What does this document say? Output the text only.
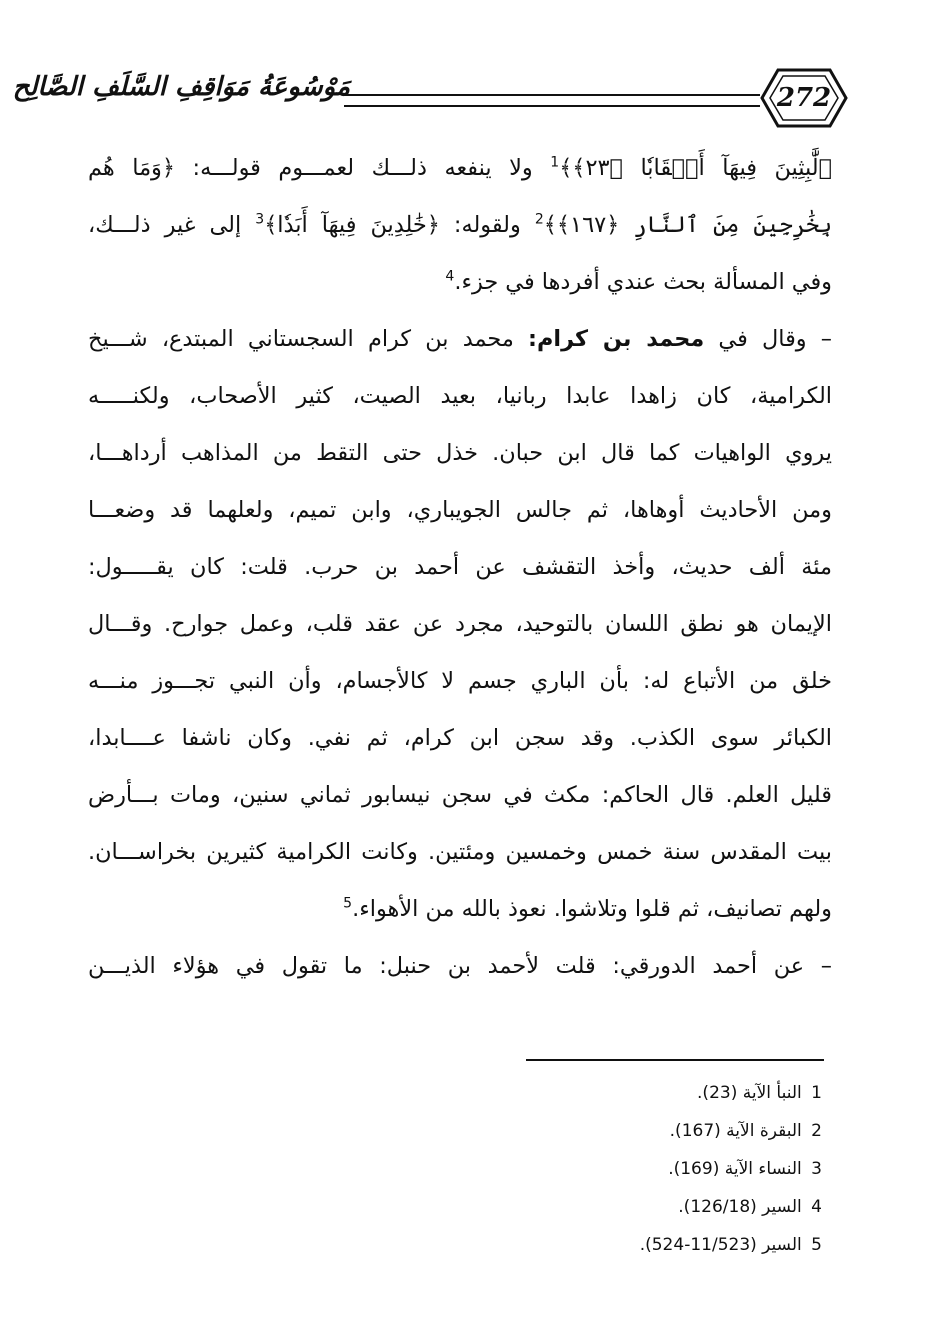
مَوْسُوعَةُ مَوَاقِفِ السَّلَفِ الصَّالِح	272
﴿لَّٰبِثِينَ فِيهَآ أَحۡقَابٗا ﴿٢٣﴾﴾$^1$ ولا ينفعه ذلـــك لعمـــوم قولـــه: ﴿وَمَا هُم
بِخَٰرِجِينَ مِنَ ٱلنَّارِ ﴿١٦٧﴾﴾$^2$ ولقوله: ﴿خَٰلِدِينَ فِيهَآ أَبَدٗا﴾$^3$ إلى غير ذلـــك،
وفي المسألة بحث عندي أفردها في جزء.$^4$
– وقال في محمد بن كرام: محمد بن كرام السجستاني المبتدع، شـــيخ
الكرامية، كان زاهدا عابدا ربانيا، بعيد الصيت، كثير الأصحاب، ولكنـــــه
يروي الواهيات كما قال ابن حبان. خذل حتى التقط من المذاهب أرداهـــا،
ومن الأحاديث أوهاها، ثم جالس الجويباري، وابن تميم، ولعلهما قد وضعـــا
مئة ألف حديث، وأخذ التقشف عن أحمد بن حرب. قلت: كان يقـــــول:
الإيمان هو نطق اللسان بالتوحيد، مجرد عن عقد قلب، وعمل جوارح. وقـــال
خلق من الأتباع له: بأن الباري جسم لا كالأجسام، وأن النبي تجـــوز منـــه
الكبائر سوى الكذب. وقد سجن ابن كرام، ثم نفي. وكان ناشفا عــــابدا،
قليل العلم. قال الحاكم: مكث في سجن نيسابور ثماني سنين، ومات بـــأرض
بيت المقدس سنة خمس وخمسين ومئتين. وكانت الكرامية كثيرين بخراســـان.
ولهم تصانيف، ثم قلوا وتلاشوا. نعوذ بالله من الأهواء.$^5$
– عن أحمد الدورقي: قلت لأحمد بن حنبل: ما تقول في هؤلاء الذيـــن
1 النبأ الآية (23).
2 البقرة الآية (167).
3 النساء الآية (169).
4 السير (126/18).
5 السير (11/523-524).
